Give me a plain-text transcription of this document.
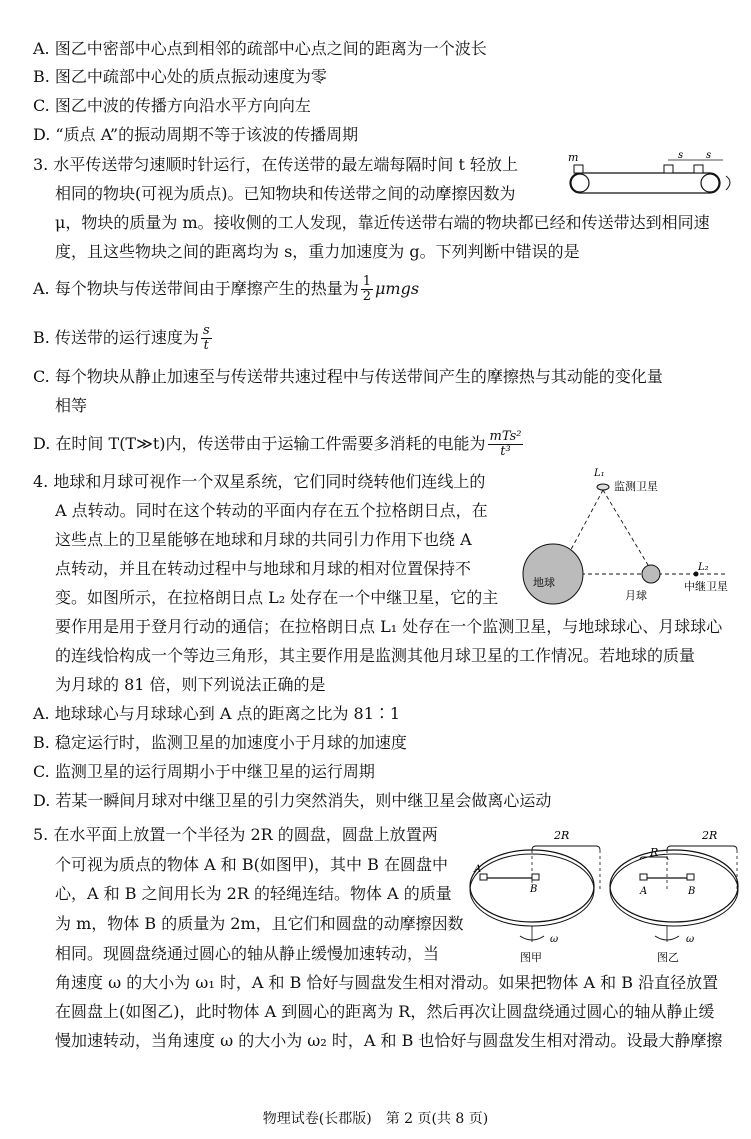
A. 图乙中密部中心点到相邻的疏部中心点之间的距离为一个波长
B. 图乙中疏部中心处的质点振动速度为零
C. 图乙中波的传播方向沿水平方向向左
D. “质点 A”的振动周期不等于该波的传播周期
3. 水平传送带匀速顺时针运行，在传送带的最左端每隔时间 t 轻放上
相同的物块(可视为质点)。已知物块和传送带之间的动摩擦因数为
μ，物块的质量为 m。接收侧的工人发现，靠近传送带右端的物块都已经和传送带达到相同速
度，且这些物块之间的距离均为 s，重力加速度为 g。下列判断中错误的是
m	s s
A. 每个物块与传送带间由于摩擦产生的热量为 $\frac{1}{2}$ μmgs
B. 传送带的运行速度为 $\frac{s}{t}$
C. 每个物块从静止加速至与传送带共速过程中与传送带间产生的摩擦热与其动能的变化量
相等
D. 在时间 T(T≫t)内，传送带由于运输工件需要多消耗的电能为 $\frac{\text{mTs²}}{\text{t³}}$
4. 地球和月球可视作一个双星系统，它们同时绕转他们连线上的
A 点转动。同时在这个转动的平面内存在五个拉格朗日点，在
这些点上的卫星能够在地球和月球的共同引力作用下也绕 A
点转动，并且在转动过程中与地球和月球的相对位置保持不
变。如图所示，在拉格朗日点 L₂ 处存在一个中继卫星，它的主
要作用是用于登月行动的通信；在拉格朗日点 L₁ 处存在一个监测卫星，与地球球心、月球球心
的连线恰构成一个等边三角形，其主要作用是监测其他月球卫星的工作情况。若地球的质量
为月球的 81 倍，则下列说法正确的是
A. 地球球心与月球球心到 A 点的距离之比为 81∶1
B. 稳定运行时，监测卫星的加速度小于月球的加速度
C. 监测卫星的运行周期小于中继卫星的运行周期
D. 若某一瞬间月球对中继卫星的引力突然消失，则中继卫星会做离心运动
L₁
监测卫星
地球
月球
L₂
中继卫星
5. 在水平面上放置一个半径为 2R 的圆盘，圆盘上放置两
个可视为质点的物体 A 和 B(如图甲)，其中 B 在圆盘中
心，A 和 B 之间用长为 2R 的轻绳连结。物体 A 的质量
为 m，物体 B 的质量为 2m，且它们和圆盘的动摩擦因数
相同。现圆盘绕通过圆心的轴从静止缓慢加速转动，当
角速度 ω 的大小为 ω₁ 时，A 和 B 恰好与圆盘发生相对滑动。如果把物体 A 和 B 沿直径放置
在圆盘上(如图乙)，此时物体 A 到圆心的距离为 R，然后再次让圆盘绕通过圆心的轴从静止缓
慢加速转动，当角速度 ω 的大小为 ω₂ 时，A 和 B 也恰好与圆盘发生相对滑动。设最大静摩擦
2R
A
B
ω
图甲
2R
R
A	B
ω
图乙
物理试卷(长郡版)　第 2 页(共 8 页)
